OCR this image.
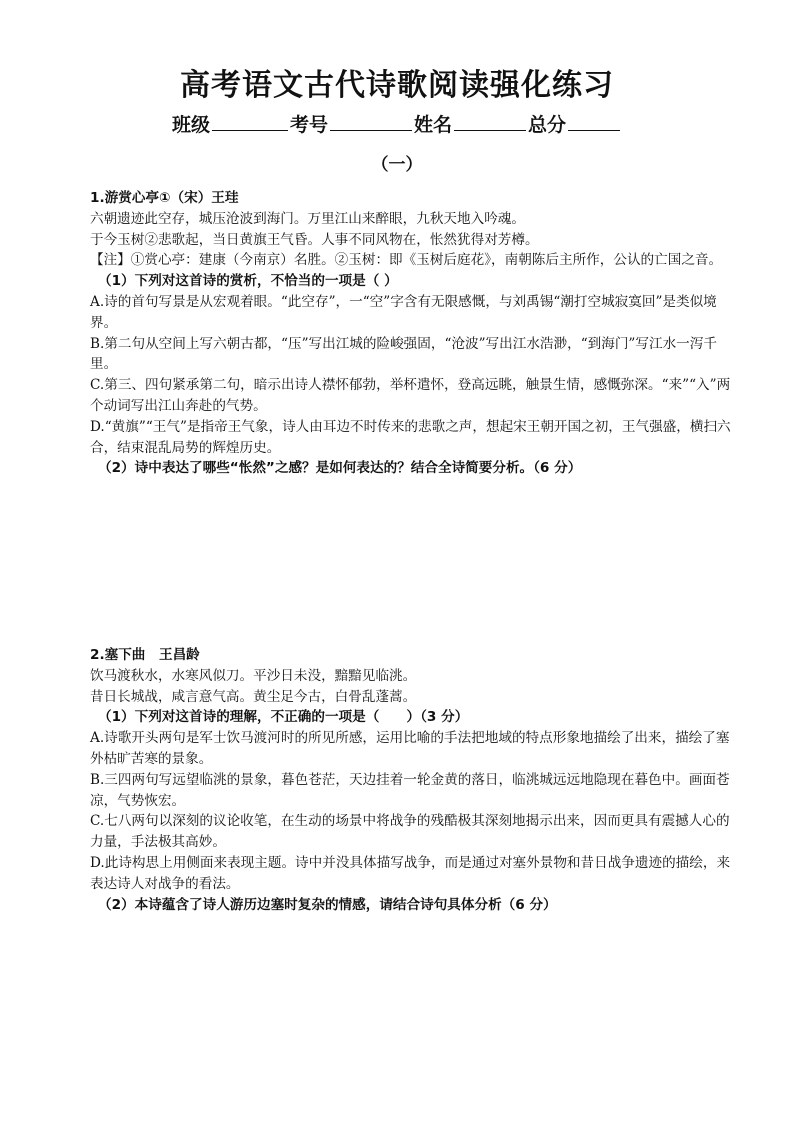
高考语文古代诗歌阅读强化练习
班级	考号	姓名	总分
（一）

1.游赏心亭①（宋）王珪

六朝遗迹此空存，城压沧波到海门。万里江山来醉眼，九秋天地入吟魂。

于今玉树②悲歌起，当日黄旗王气昏。人事不同风物在，怅然犹得对芳樽。

【注】①赏心亭：建康（今南京）名胜。②玉树：即《玉树后庭花》，南朝陈后主所作，公认的亡国之音。

（1）下列对这首诗的赏析，不恰当的一项是（ ）

A.诗的首句写景是从宏观着眼。“此空存”，一“空”字含有无限感慨，与刘禹锡“潮打空城寂寞回”是类似境界。

B.第二句从空间上写六朝古都，“压”写出江城的险峻强固，“沧波”写出江水浩渺，“到海门”写江水一泻千里。

C.第三、四句紧承第二句，暗示出诗人襟怀郁勃，举杯遣怀，登高远眺，触景生情，感慨弥深。“来”“入”两个动词写出江山奔赴的气势。

D.“黄旗”“王气”是指帝王气象，诗人由耳边不时传来的悲歌之声，想起宋王朝开国之初，王气强盛，横扫六合，结束混乱局势的辉煌历史。

（2）诗中表达了哪些“怅然”之感？是如何表达的？结合全诗简要分析。（6 分）

2.塞下曲　王昌龄

饮马渡秋水，水寒风似刀。平沙日未没，黯黯见临洮。

昔日长城战，咸言意气高。黄尘足今古，白骨乱蓬蒿。

（1）下列对这首诗的理解，不正确的一项是（　　）（3 分）

A.诗歌开头两句是军士饮马渡河时的所见所感，运用比喻的手法把地域的特点形象地描绘了出来，描绘了塞外枯旷苦寒的景象。

B.三四两句写远望临洮的景象，暮色苍茫，天边挂着一轮金黄的落日，临洮城远远地隐现在暮色中。画面苍凉，气势恢宏。

C.七八两句以深刻的议论收笔，在生动的场景中将战争的残酷极其深刻地揭示出来，因而更具有震撼人心的力量，手法极其高妙。

D.此诗构思上用侧面来表现主题。诗中并没具体描写战争，而是通过对塞外景物和昔日战争遗迹的描绘，来表达诗人对战争的看法。

（2）本诗蕴含了诗人游历边塞时复杂的情感，请结合诗句具体分析（6 分）
